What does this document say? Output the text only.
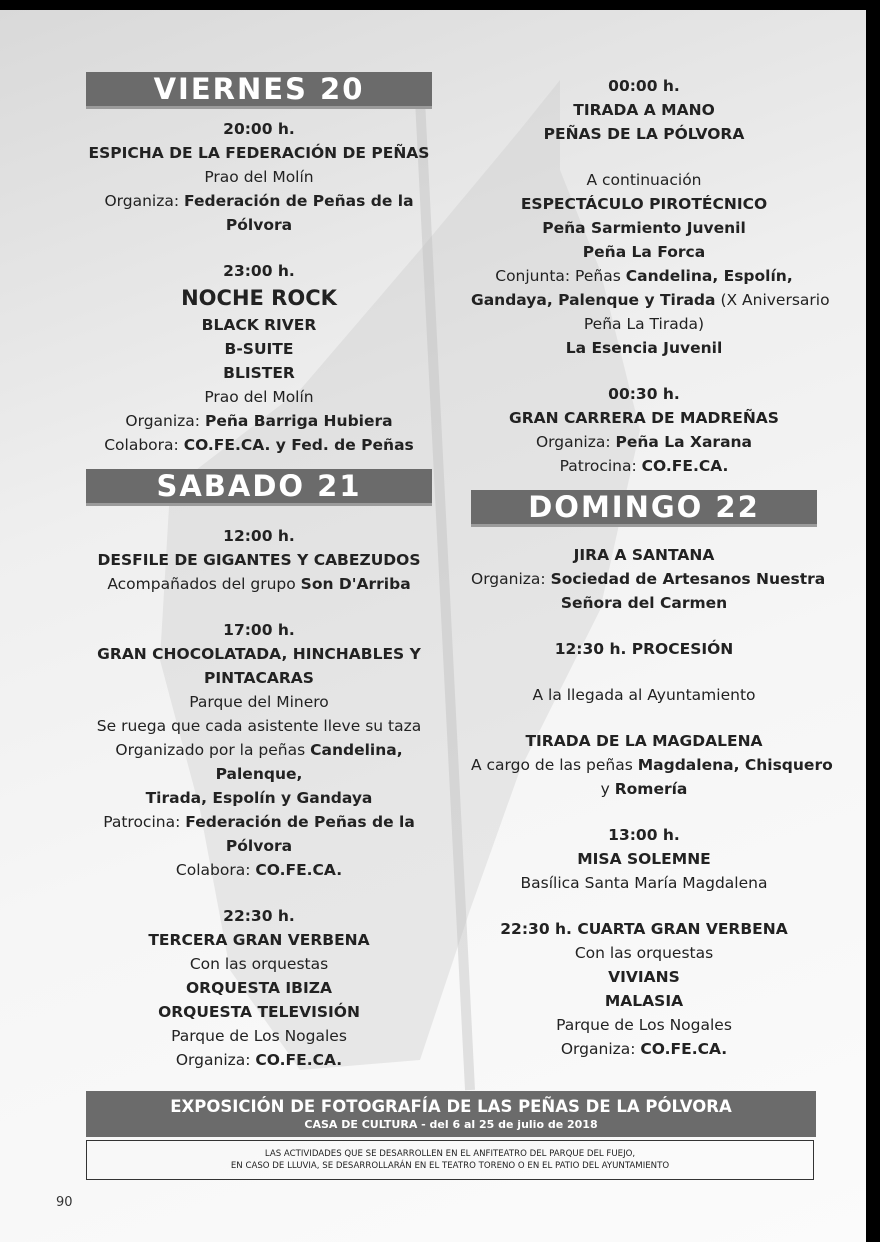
VIERNES 20
20:00 h.
ESPICHA DE LA FEDERACIÓN DE PEÑAS
Prao del Molín
Organiza: Federación de Peñas de la
Pólvora
23:00 h.
NOCHE ROCK
BLACK RIVER
B-SUITE
BLISTER
Prao del Molín
Organiza: Peña Barriga Hubiera
Colabora: CO.FE.CA. y Fed. de Peñas
SABADO 21
12:00 h.
DESFILE DE GIGANTES Y CABEZUDOS
Acompañados del grupo Son D'Arriba
17:00 h.
GRAN CHOCOLATADA, HINCHABLES Y
PINTACARAS
Parque del Minero
Se ruega que cada asistente lleve su taza
Organizado por la peñas Candelina,
Palenque,
Tirada, Espolín y Gandaya
Patrocina: Federación de Peñas de la
Pólvora
Colabora: CO.FE.CA.
22:30 h.
TERCERA GRAN VERBENA
Con las orquestas
ORQUESTA IBIZA
ORQUESTA TELEVISIÓN
Parque de Los Nogales
Organiza: CO.FE.CA.
00:00 h.
TIRADA A MANO
PEÑAS DE LA PÓLVORA
A continuación
ESPECTÁCULO PIROTÉCNICO
Peña Sarmiento Juvenil
Peña La Forca
Conjunta: Peñas Candelina, Espolín,
Gandaya, Palenque y Tirada (X Aniversario
Peña La Tirada)
La Esencia Juvenil
00:30 h.
GRAN CARRERA DE MADREÑAS
Organiza: Peña La Xarana
Patrocina: CO.FE.CA.
DOMINGO 22
JIRA A SANTANA
Organiza: Sociedad de Artesanos Nuestra
Señora del Carmen
12:30 h. PROCESIÓN
A la llegada al Ayuntamiento
TIRADA DE LA MAGDALENA
A cargo de las peñas Magdalena, Chisquero
y Romería
13:00 h.
MISA SOLEMNE
Basílica Santa María Magdalena
22:30 h. CUARTA GRAN VERBENA
Con las orquestas
VIVIANS
MALASIA
Parque de Los Nogales
Organiza: CO.FE.CA.
EXPOSICIÓN DE FOTOGRAFÍA DE LAS PEÑAS DE LA PÓLVORA
CASA DE CULTURA - del 6 al 25 de julio de 2018
LAS ACTIVIDADES QUE SE DESARROLLEN EN EL ANFITEATRO DEL PARQUE DEL FUEJO,
EN CASO DE LLUVIA, SE DESARROLLARÁN EN EL TEATRO TORENO O EN EL PATIO DEL AYUNTAMIENTO
90
